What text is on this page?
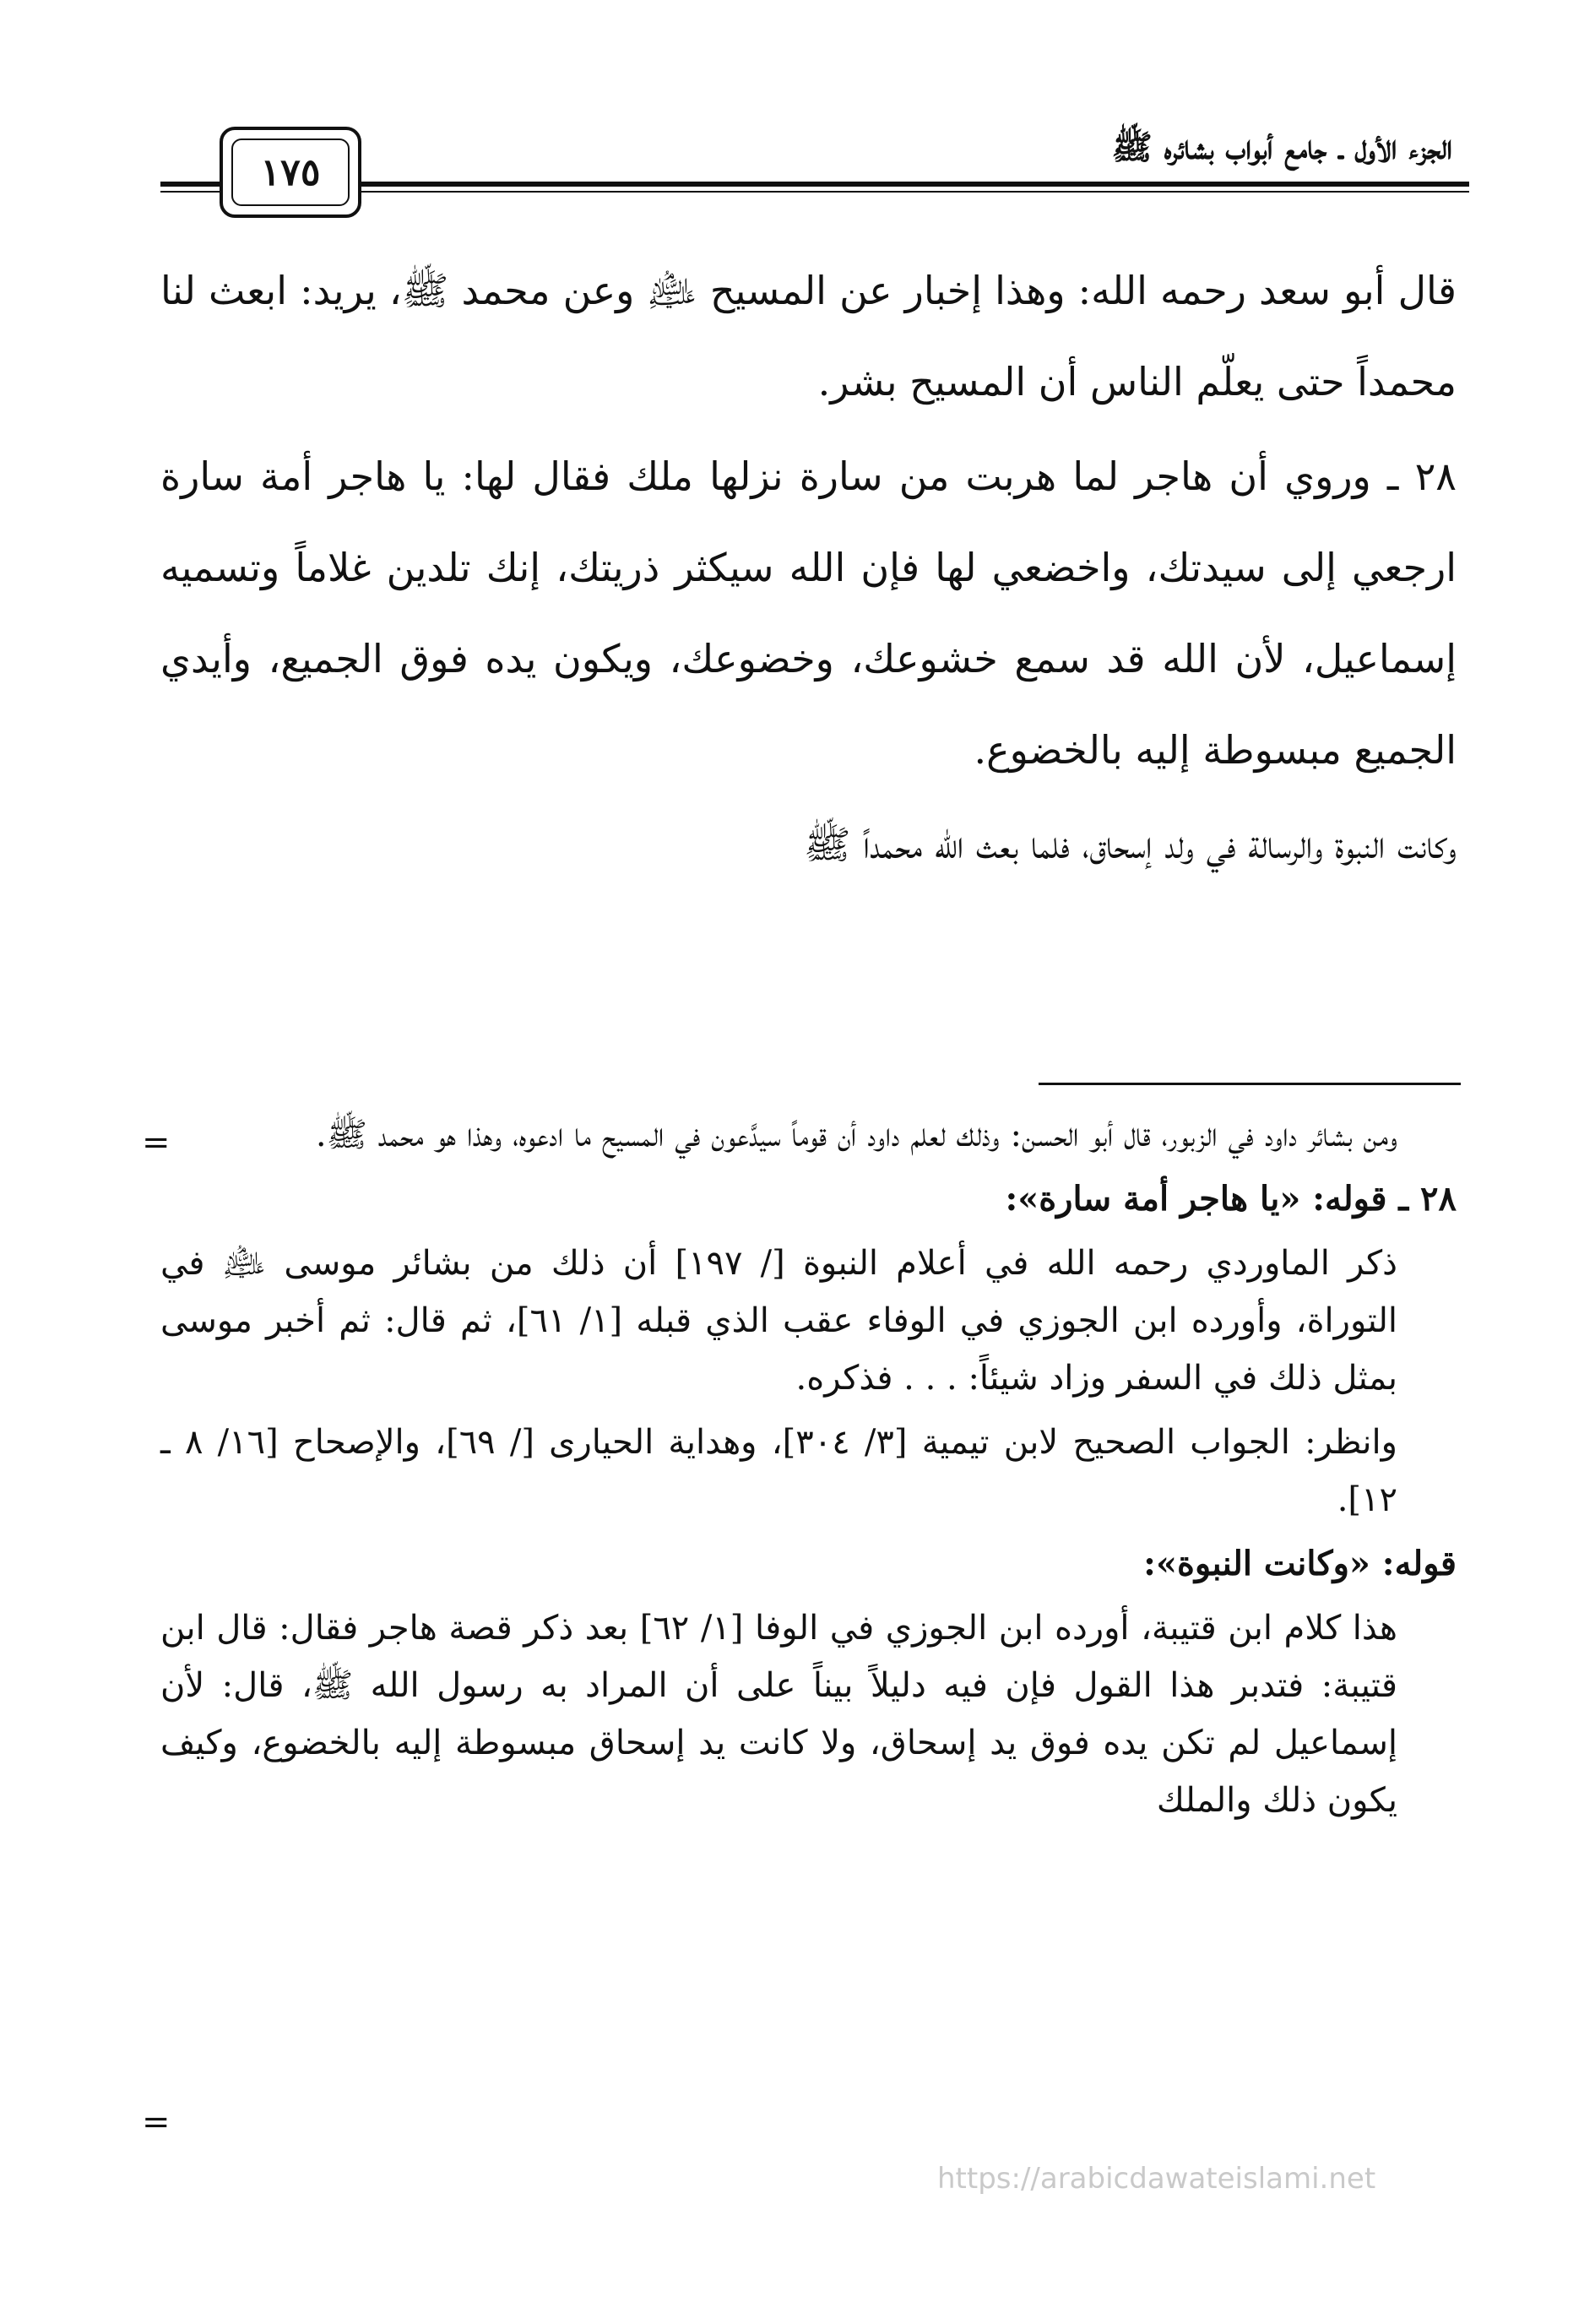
الجزء الأول ـ جامع أبواب بشائره ﷺ
١٧٥

قال أبو سعد رحمه الله: وهذا إخبار عن المسيح ﵇ وعن محمد ﷺ، يريد: ابعث لنا محمداً حتى يعلّم الناس أن المسيح بشر.

٢٨ ـ وروي أن هاجر لما هربت من سارة نزلها ملك فقال لها: يا هاجر أمة سارة ارجعي إلى سيدتك، واخضعي لها فإن الله سيكثر ذريتك، إنك تلدين غلاماً وتسميه إسماعيل، لأن الله قد سمع خشوعك، وخضوعك، ويكون يده فوق الجميع، وأيدي الجميع مبسوطة إليه بالخضوع.

وكانت النبوة والرسالة في ولد إسحاق، فلما بعث الله محمداً ﷺ

=	ومن بشائر داود في الزبور، قال أبو الحسن: وذلك لعلم داود أن قوماً سيدَّعون في المسيح ما ادعوه، وهذا هو محمد ﷺ.

٢٨ ـ قوله: «يا هاجر أمة سارة»:

ذكر الماوردي رحمه الله في أعلام النبوة [/ ١٩٧] أن ذلك من بشائر موسى ﵇ في التوراة، وأورده ابن الجوزي في الوفاء عقب الذي قبله [١/ ٦١]، ثم قال: ثم أخبر موسى بمثل ذلك في السفر وزاد شيئاً: . . . فذكره.

وانظر: الجواب الصحيح لابن تيمية [٣/ ٣٠٤]، وهداية الحيارى [/ ٦٩]، والإصحاح [١٦/ ٨ ـ ١٢].

قوله: «وكانت النبوة»:

هذا كلام ابن قتيبة، أورده ابن الجوزي في الوفا [١/ ٦٢] بعد ذكر قصة هاجر فقال: قال ابن قتيبة: فتدبر هذا القول فإن فيه دليلاً بيناً على أن المراد به رسول الله ﷺ، قال: لأن إسماعيل لم تكن يده فوق يد إسحاق، ولا كانت يد إسحاق مبسوطة إليه بالخضوع، وكيف يكون ذلك والملك

=
https://arabicdawateislami.net
